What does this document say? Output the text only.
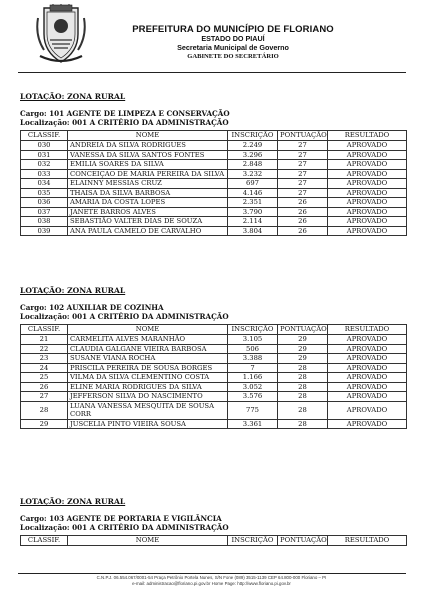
PREFEITURA DO MUNICÍPIO DE FLORIANO
ESTADO DO PIAUÍ
Secretaria Municipal de Governo
GABINETE DO SECRETÁRIO
LOTAÇÃO: ZONA RURAL
Cargo: 101 AGENTE DE LIMPEZA E CONSERVAÇÃO
Localização: 001 A CRITÉRIO DA ADMINISTRAÇÃO
CLASSIF.	NOME	INSCRIÇÃO	PONTUAÇÃO	RESULTADO
030	ANDREIA DA SILVA RODRIGUES	2.249	27	APROVADO
031	VANESSA DA SILVA SANTOS FONTES	3.296	27	APROVADO
032	EMILIA SOARES DA SILVA	2.848	27	APROVADO
033	CONCEIÇAO DE MARIA PEREIRA DA SILVA	3.232	27	APROVADO
034	ELAINNY MESSIAS CRUZ	697	27	APROVADO
035	THAISA DA SILVA BARBOSA	4.146	27	APROVADO
036	AMARIA DA COSTA LOPES	2.351	26	APROVADO
037	JANETE BARROS ALVES	3.790	26	APROVADO
038	SEBASTIÃO VALTER DIAS DE SOUZA	2.114	26	APROVADO
039	ANA PAULA CAMELO DE CARVALHO	3.804	26	APROVADO
LOTAÇÃO: ZONA RURAL
Cargo: 102 AUXILIAR DE COZINHA
Localização: 001 A CRITÉRIO DA ADMINISTRAÇÃO
CLASSIF.	NOME	INSCRIÇÃO	PONTUAÇÃO	RESULTADO
21	CARMELITA ALVES MARANHÃO	3.105	29	APROVADO
22	CLAUDIA GALGANE VIEIRA BARBOSA	506	29	APROVADO
23	SUSANE VIANA ROCHA	3.388	29	APROVADO
24	PRISCILA PEREIRA DE SOUSA BORGES	7	28	APROVADO
25	VILMA DA SILVA CLEMENTINO COSTA	1.166	28	APROVADO
26	ELINE MARIA RODRIGUES DA SILVA	3.052	28	APROVADO
27	JEFFERSON SILVA DO NASCIMENTO	3.576	28	APROVADO
28	LUANA VANESSA MESQUITA DE SOUSA CORR	775	28	APROVADO
29	JUSCELIA PINTO VIEIRA SOUSA	3.361	28	APROVADO
LOTAÇÃO: ZONA RURAL
Cargo: 103 AGENTE DE PORTARIA E VIGILÂNCIA
Localização: 001 A CRITÉRIO DA ADMINISTRAÇÃO
CLASSIF.	NOME	INSCRIÇÃO	PONTUAÇÃO	RESULTADO
C.N.P.J. 06.554.067/0001-54 Praça Petrônio Portela Nunes, S/N Fone (089) 3515-1139 CEP 64.800-000 Floriano – PI
e-mail: administracao@floriano.pi.gov.br Home Page: http://www.floriano.pi.gov.br
